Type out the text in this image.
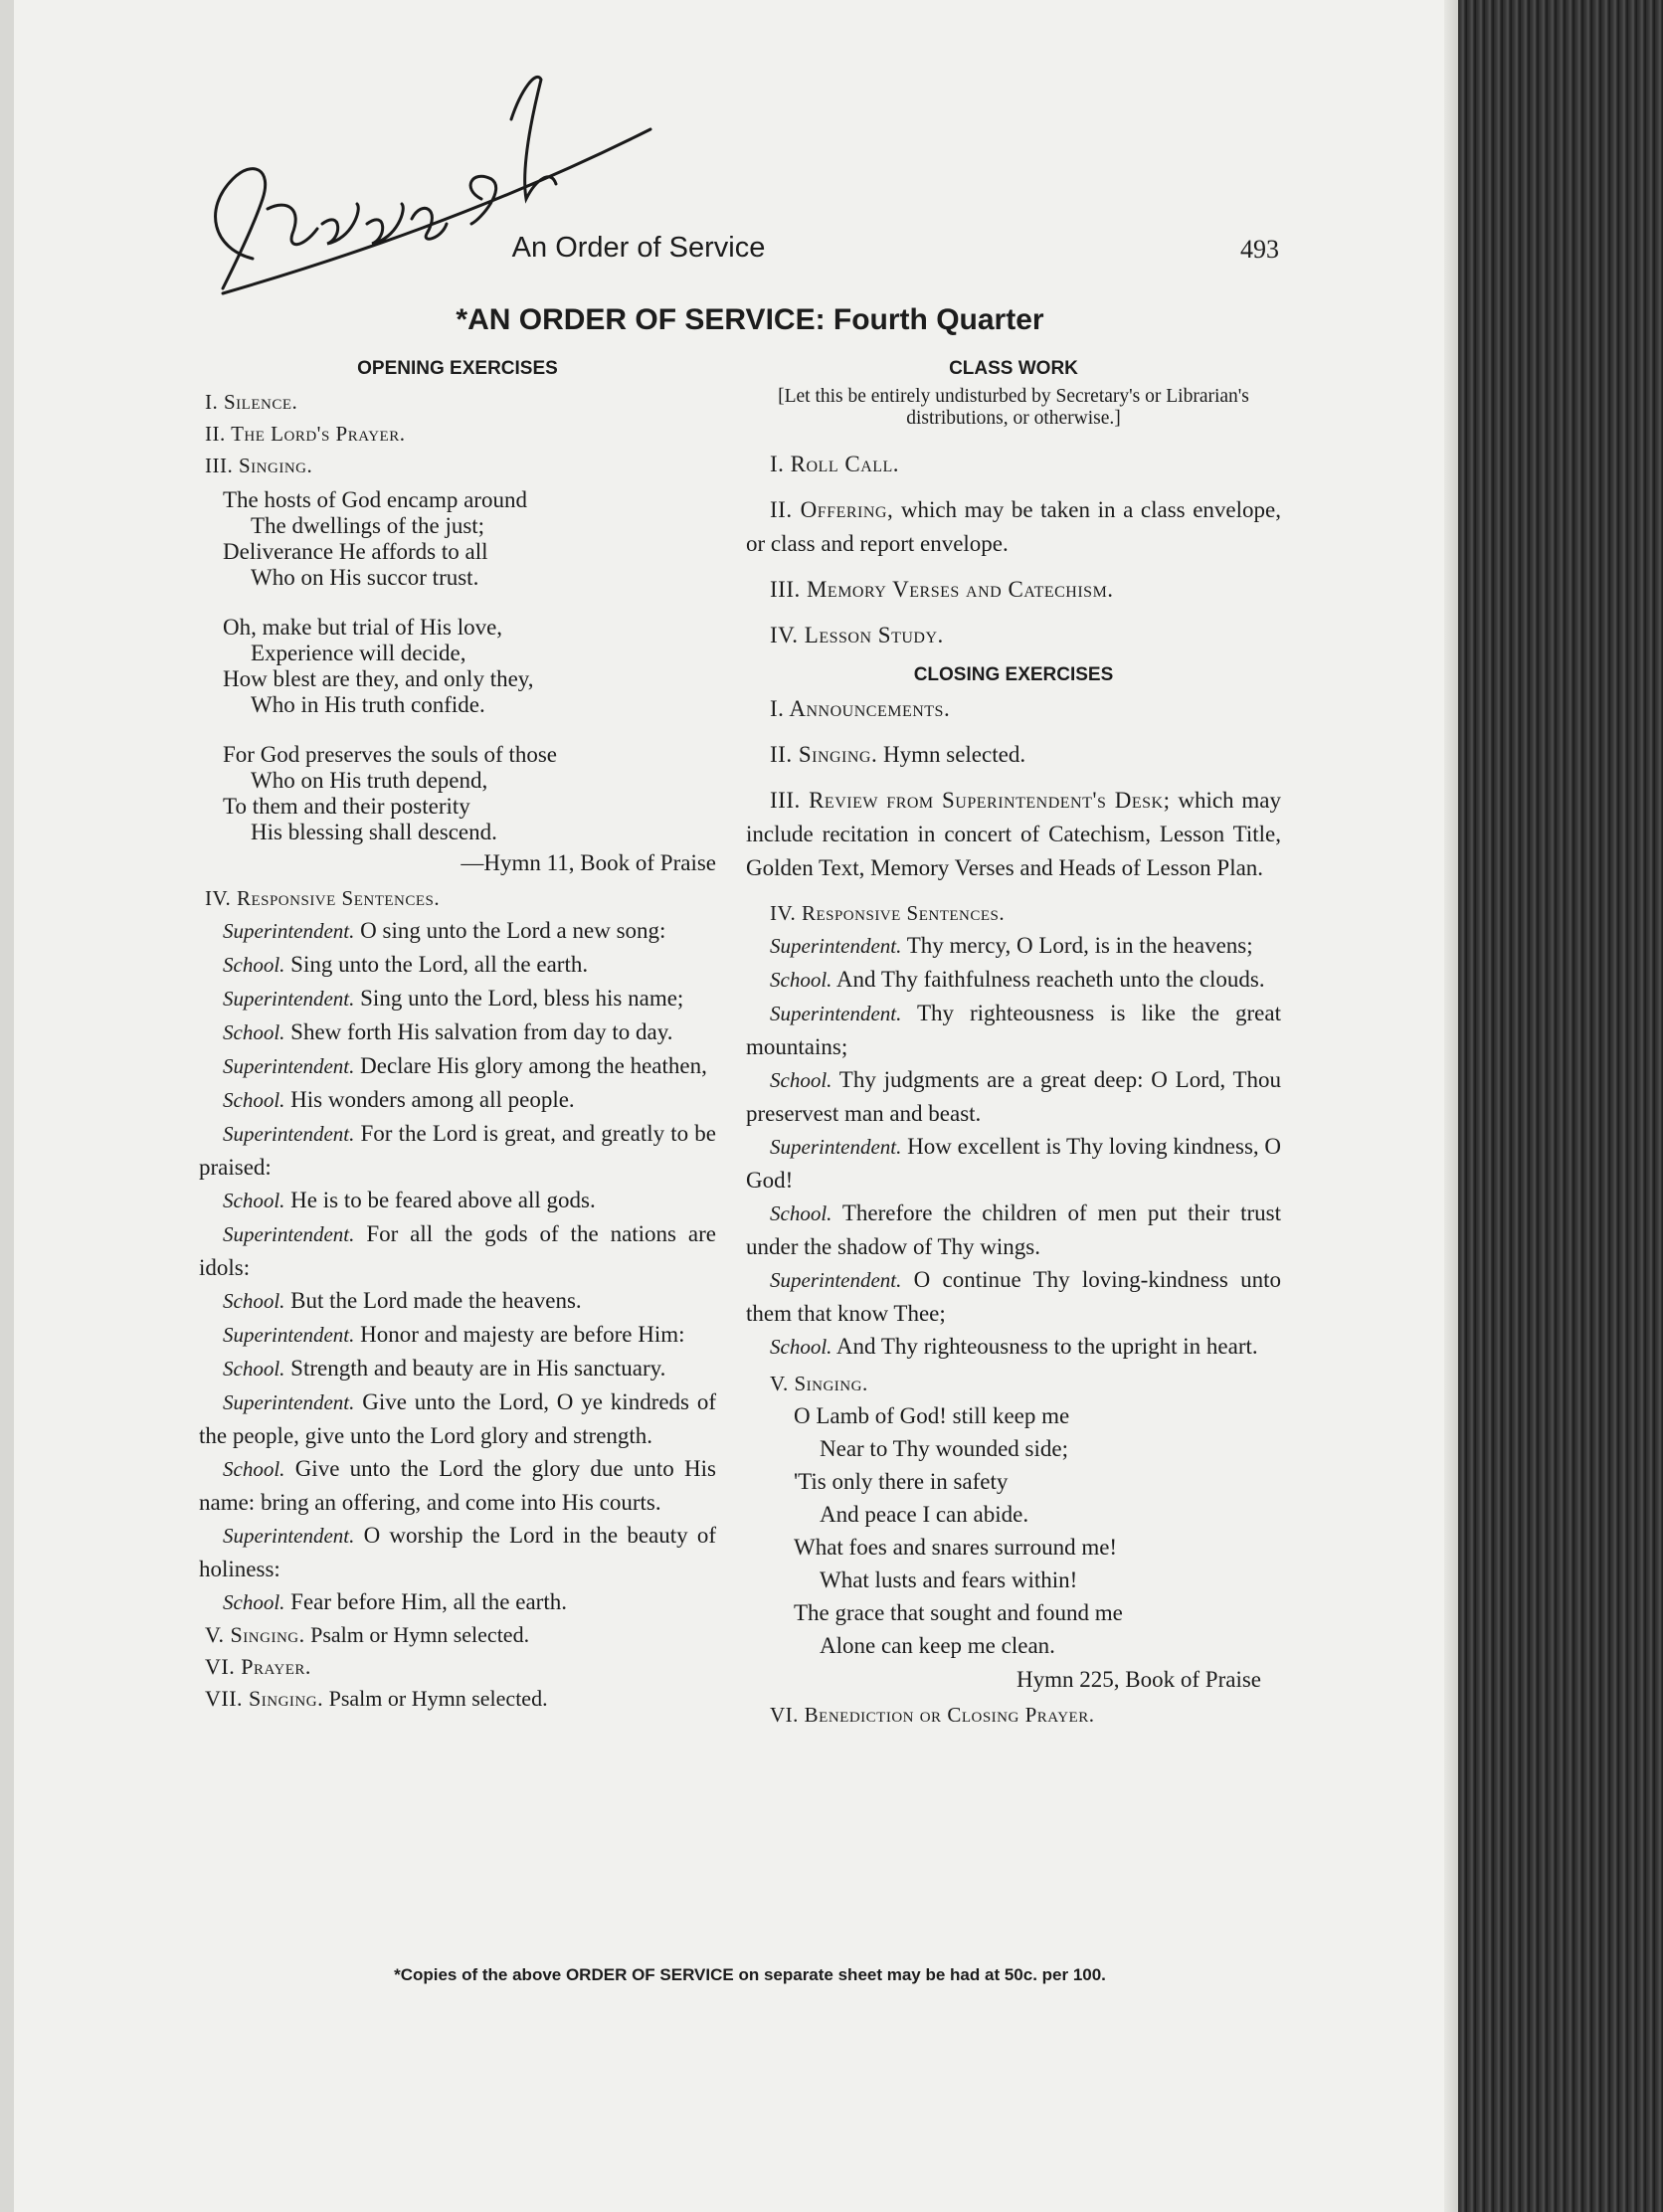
An Order of Service	493
*AN ORDER OF SERVICE: Fourth Quarter
OPENING EXERCISES
I. Silence.
II. The Lord's Prayer.
III. Singing.
The hosts of God encamp around
The dwellings of the just;
Deliverance He affords to all
Who on His succor trust.

Oh, make but trial of His love,
Experience will decide,
How blest are they, and only they,
Who in His truth confide.

For God preserves the souls of those
Who on His truth depend,
To them and their posterity
His blessing shall descend.
—Hymn 11, Book of Praise
IV. Responsive Sentences.

Superintendent. O sing unto the Lord a new song:

School. Sing unto the Lord, all the earth.

Superintendent. Sing unto the Lord, bless his name;

School. Shew forth His salvation from day to day.

Superintendent. Declare His glory among the heathen,

School. His wonders among all people.

Superintendent. For the Lord is great, and greatly to be praised:

School. He is to be feared above all gods.

Superintendent. For all the gods of the nations are idols:

School. But the Lord made the heavens.

Superintendent. Honor and majesty are before Him:

School. Strength and beauty are in His sanctuary.

Superintendent. Give unto the Lord, O ye kindreds of the people, give unto the Lord glory and strength.

School. Give unto the Lord the glory due unto His name: bring an offering, and come into His courts.

Superintendent. O worship the Lord in the beauty of holiness:

School. Fear before Him, all the earth.

V. Singing. Psalm or Hymn selected.
VI. Prayer.
VII. Singing. Psalm or Hymn selected.
CLASS WORK
[Let this be entirely undisturbed by Secretary's or Librarian's distributions, or otherwise.]
I. Roll Call.
II. Offering, which may be taken in a class envelope, or class and report envelope.
III. Memory Verses and Catechism.
IV. Lesson Study.
CLOSING EXERCISES
I. Announcements.
II. Singing. Hymn selected.
III. Review from Superintendent's Desk; which may include recitation in concert of Catechism, Lesson Title, Golden Text, Memory Verses and Heads of Lesson Plan.
IV. Responsive Sentences.

Superintendent. Thy mercy, O Lord, is in the heavens;

School. And Thy faithfulness reacheth unto the clouds.

Superintendent. Thy righteousness is like the great mountains;

School. Thy judgments are a great deep: O Lord, Thou preservest man and beast.

Superintendent. How excellent is Thy loving kindness, O God!

School. Therefore the children of men put their trust under the shadow of Thy wings.

Superintendent. O continue Thy loving-kindness unto them that know Thee;

School. And Thy righteousness to the upright in heart.

V. Singing.
O Lamb of God! still keep me
Near to Thy wounded side;
'Tis only there in safety
And peace I can abide.
What foes and snares surround me!
What lusts and fears within!
The grace that sought and found me
Alone can keep me clean.
Hymn 225, Book of Praise
VI. Benediction or Closing Prayer.
*Copies of the above ORDER OF SERVICE on separate sheet may be had at 50c. per 100.
